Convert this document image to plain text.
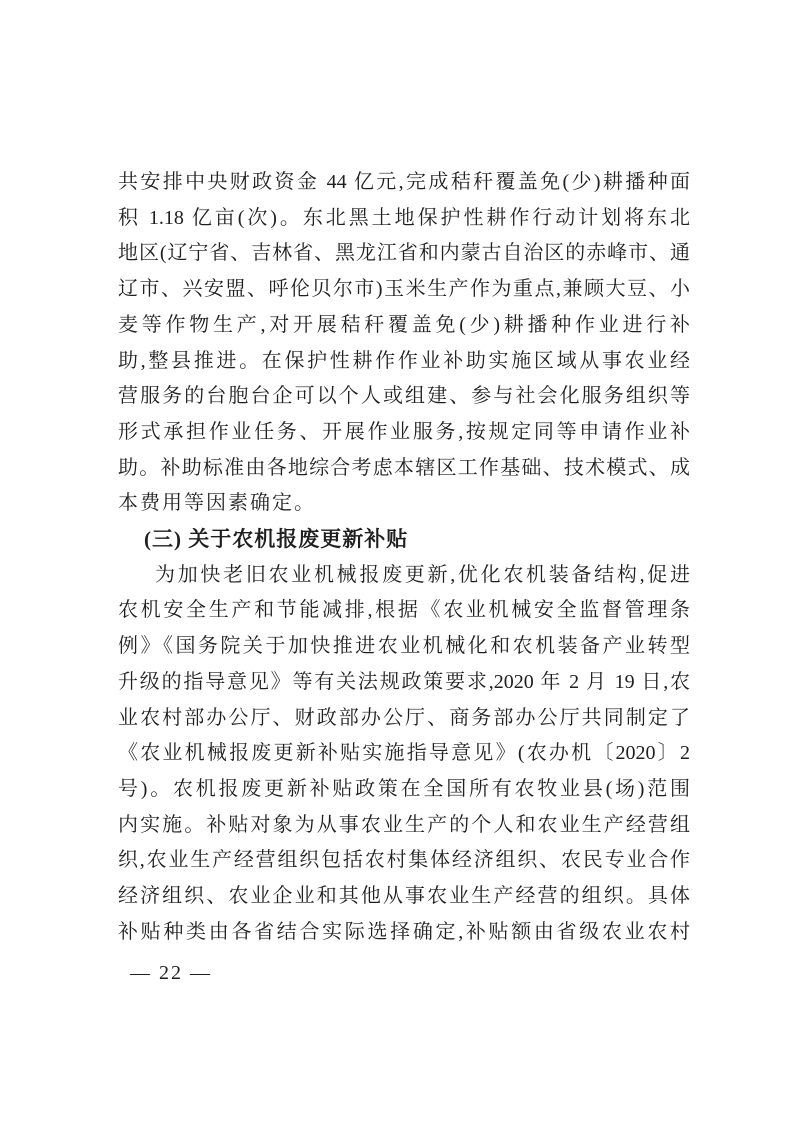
共安排中央财政资金 44 亿元,完成秸秆覆盖免(少)耕播种面
积 1.18 亿亩(次)。东北黑土地保护性耕作行动计划将东北
地区(辽宁省、吉林省、黑龙江省和内蒙古自治区的赤峰市、通
辽市、兴安盟、呼伦贝尔市)玉米生产作为重点,兼顾大豆、小
麦等作物生产,对开展秸秆覆盖免(少)耕播种作业进行补
助,整县推进。在保护性耕作作业补助实施区域从事农业经
营服务的台胞台企可以个人或组建、参与社会化服务组织等
形式承担作业任务、开展作业服务,按规定同等申请作业补
助。补助标准由各地综合考虑本辖区工作基础、技术模式、成
本费用等因素确定。
(三) 关于农机报废更新补贴
为加快老旧农业机械报废更新,优化农机装备结构,促进
农机安全生产和节能减排,根据《农业机械安全监督管理条
例》《国务院关于加快推进农业机械化和农机装备产业转型
升级的指导意见》等有关法规政策要求,2020 年 2 月 19 日,农
业农村部办公厅、财政部办公厅、商务部办公厅共同制定了
《农业机械报废更新补贴实施指导意见》(农办机〔2020〕2
号)。农机报废更新补贴政策在全国所有农牧业县(场)范围
内实施。补贴对象为从事农业生产的个人和农业生产经营组
织,农业生产经营组织包括农村集体经济组织、农民专业合作
经济组织、农业企业和其他从事农业生产经营的组织。具体
补贴种类由各省结合实际选择确定,补贴额由省级农业农村
— 22 —
